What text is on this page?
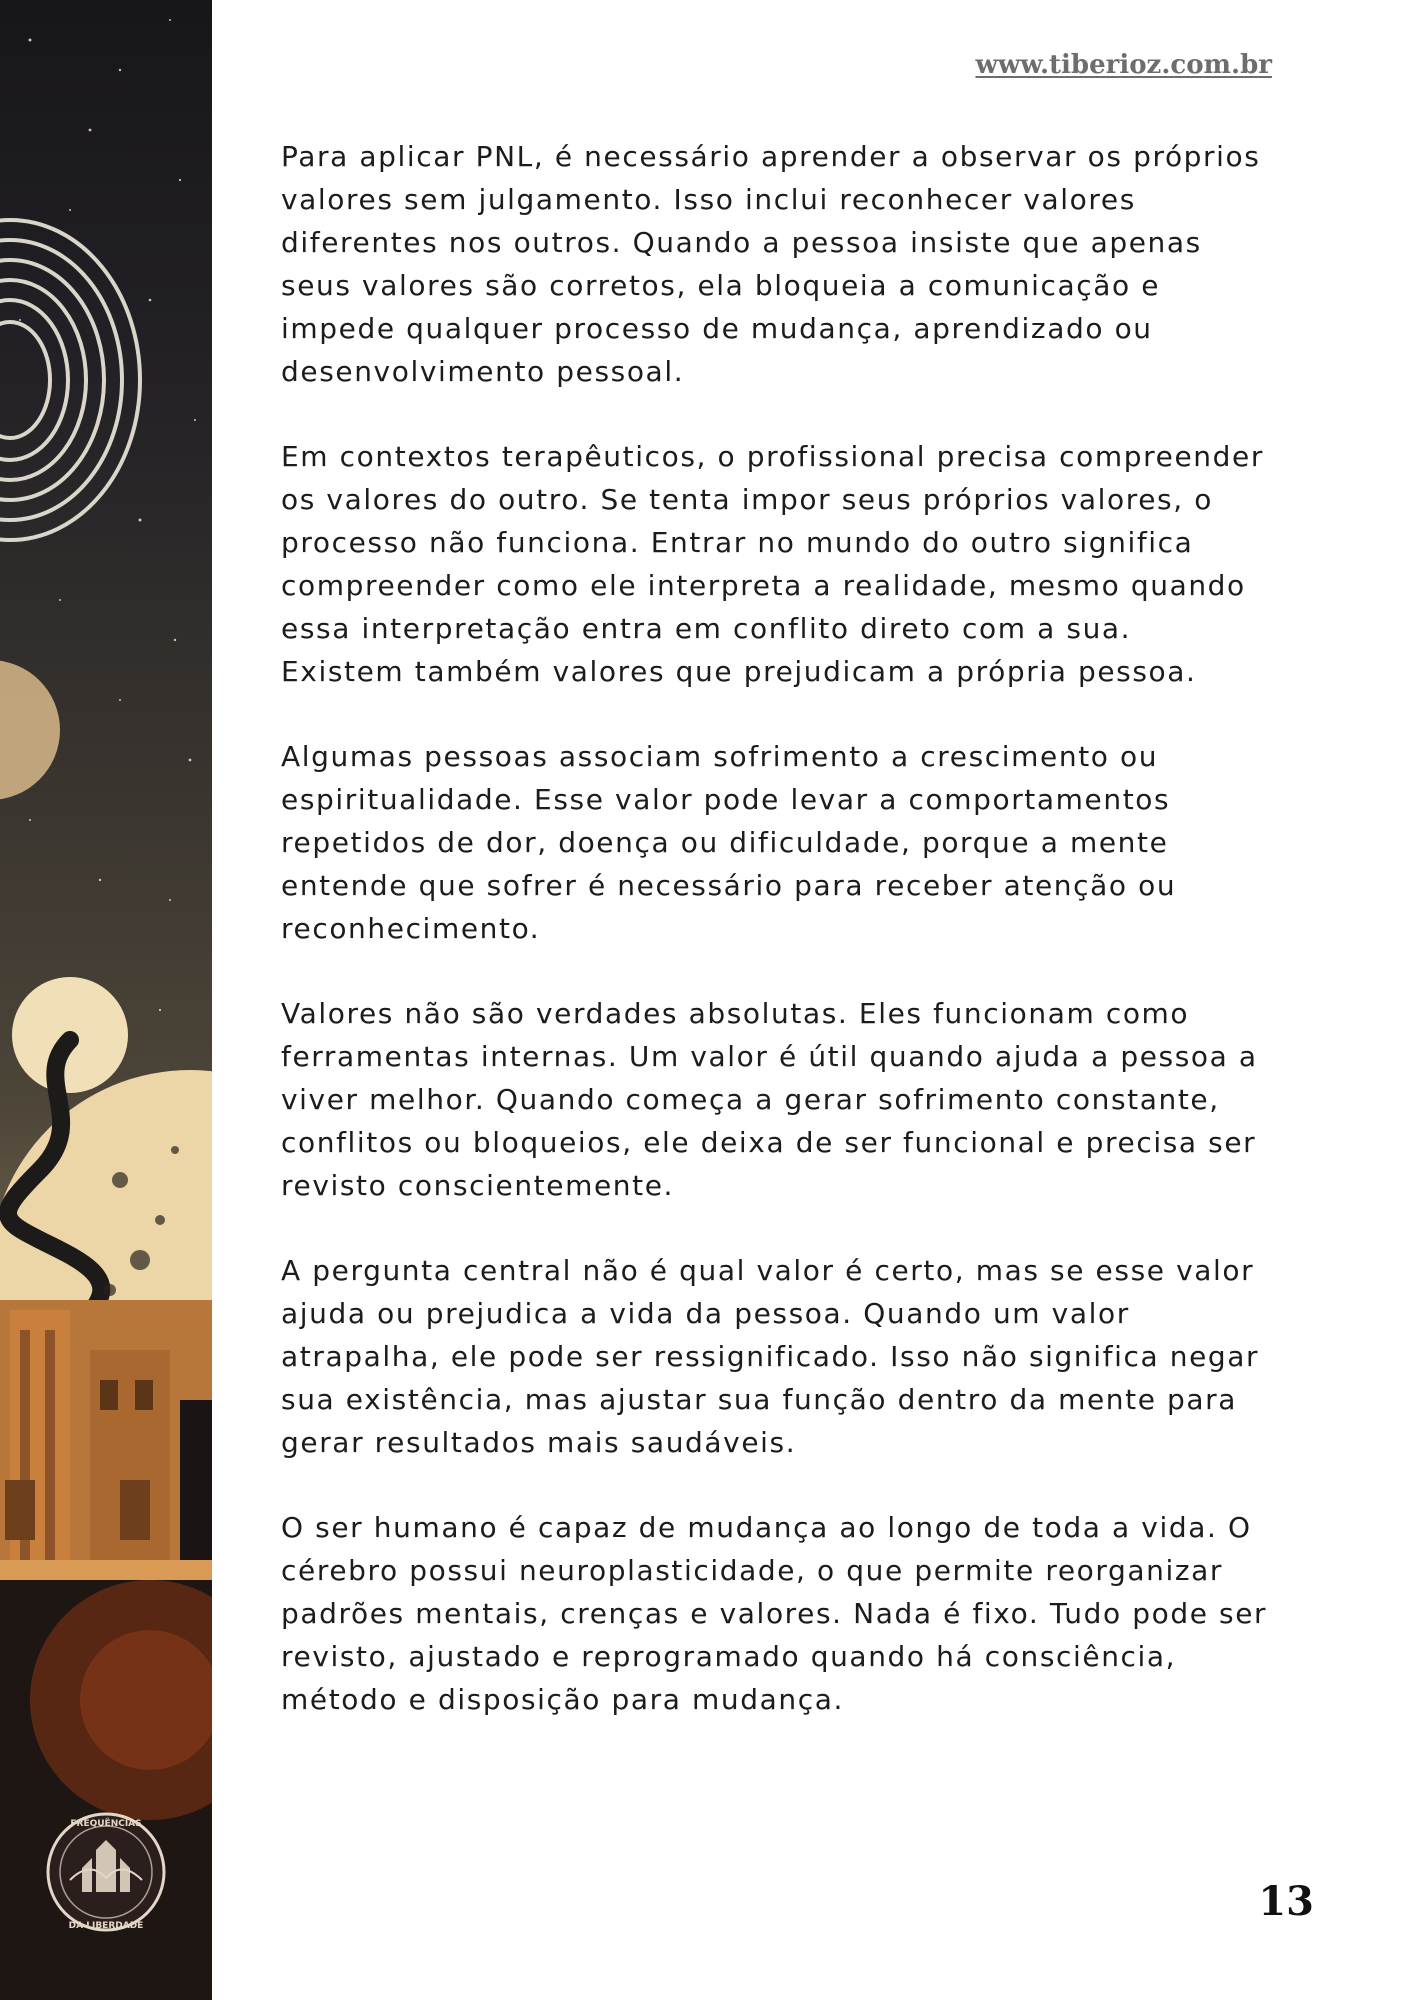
FREQUÊNCIAS
DA LIBERDADE
www.tiberioz.com.br

Para aplicar PNL, é necessário aprender a observar os próprios
valores sem julgamento. Isso inclui reconhecer valores
diferentes nos outros. Quando a pessoa insiste que apenas
seus valores são corretos, ela bloqueia a comunicação e
impede qualquer processo de mudança, aprendizado ou
desenvolvimento pessoal.

Em contextos terapêuticos, o profissional precisa compreender
os valores do outro. Se tenta impor seus próprios valores, o
processo não funciona. Entrar no mundo do outro significa
compreender como ele interpreta a realidade, mesmo quando
essa interpretação entra em conflito direto com a sua.
Existem também valores que prejudicam a própria pessoa.

Algumas pessoas associam sofrimento a crescimento ou
espiritualidade. Esse valor pode levar a comportamentos
repetidos de dor, doença ou dificuldade, porque a mente
entende que sofrer é necessário para receber atenção ou
reconhecimento.

Valores não são verdades absolutas. Eles funcionam como
ferramentas internas. Um valor é útil quando ajuda a pessoa a
viver melhor. Quando começa a gerar sofrimento constante,
conflitos ou bloqueios, ele deixa de ser funcional e precisa ser
revisto conscientemente.

A pergunta central não é qual valor é certo, mas se esse valor
ajuda ou prejudica a vida da pessoa. Quando um valor
atrapalha, ele pode ser ressignificado. Isso não significa negar
sua existência, mas ajustar sua função dentro da mente para
gerar resultados mais saudáveis.

O ser humano é capaz de mudança ao longo de toda a vida. O
cérebro possui neuroplasticidade, o que permite reorganizar
padrões mentais, crenças e valores. Nada é fixo. Tudo pode ser
revisto, ajustado e reprogramado quando há consciência,
método e disposição para mudança.

13
